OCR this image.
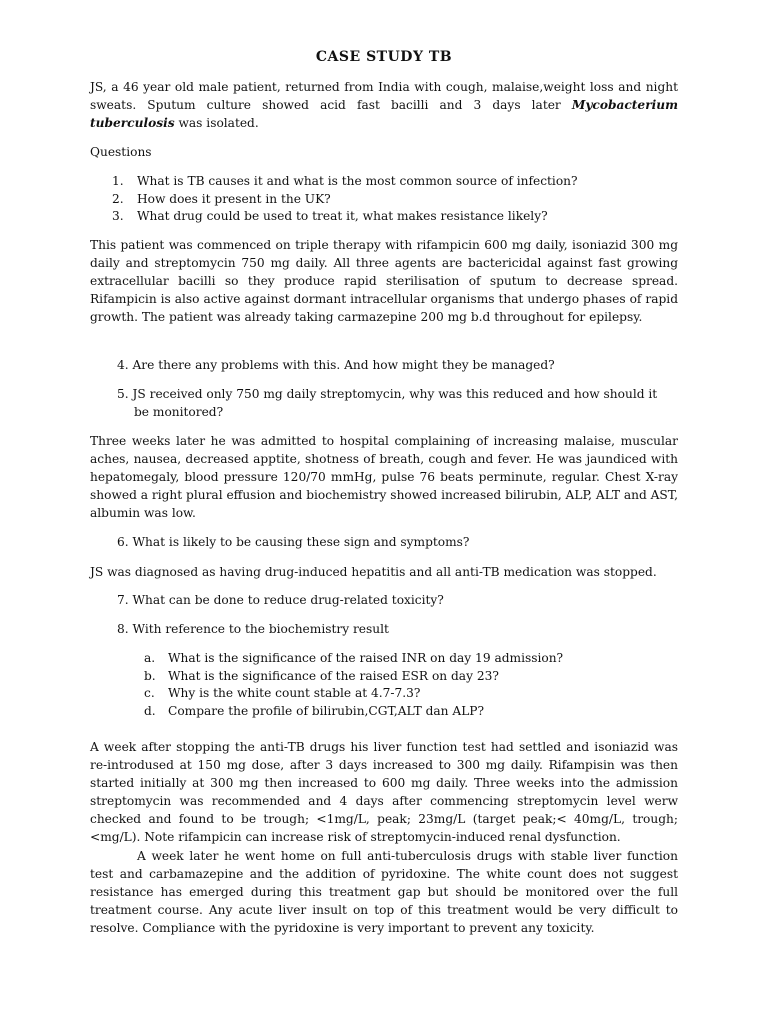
CASE STUDY TB

JS, a 46 year old male patient, returned from India with cough, malaise,weight loss and night sweats. Sputum culture showed acid fast bacilli and 3 days later Mycobacterium tuberculosis was isolated.

Questions

1.	What is TB causes it and what is the most common source of infection?
2.	How does it present in the UK?
3.	What drug could be used to treat it, what makes resistance likely?

This patient was commenced on triple therapy with rifampicin 600 mg daily, isoniazid 300 mg daily and streptomycin 750 mg daily. All three agents are bactericidal against fast growing extracellular bacilli so they produce rapid sterilisation of sputum to decrease spread. Rifampicin is also active against dormant intracellular organisms that undergo phases of rapid growth. The patient was already taking carmazepine 200 mg b.d throughout for epilepsy.

4. Are there any problems with this. And how might they be managed?

5. JS received only 750 mg daily streptomycin, why was this reduced and how should it
be monitored?

Three weeks later he was admitted to hospital complaining of increasing malaise, muscular aches, nausea, decreased apptite, shotness of breath, cough and fever. He was jaundiced with hepatomegaly, blood pressure 120/70 mmHg, pulse 76 beats perminute, regular. Chest X-ray showed a right plural effusion and biochemistry showed increased bilirubin, ALP, ALT and AST, albumin was low.

6. What is likely to be causing these sign and symptoms?

JS was diagnosed as having drug-induced hepatitis and all anti-TB medication was stopped.

7. What can be done to reduce drug-related toxicity?

8. With reference to the biochemistry result

a.	What is the significance of the raised INR on day 19 admission?
b.	What is the significance of the raised ESR on day 23?
c.	Why is the white count stable at 4.7-7.3?
d.	Compare the profile of bilirubin,CGT,ALT dan ALP?

A week after stopping the anti-TB drugs his liver function test had settled and isoniazid was re-introdused at 150 mg dose, after 3 days increased to 300 mg daily. Rifampisin was then started initially at 300 mg then increased to 600 mg daily. Three weeks into the admission streptomycin was recommended and 4 days after commencing streptomycin level werw checked and found to be trough; <1mg/L, peak; 23mg/L (target peak;< 40mg/L, trough; <mg/L). Note rifampicin can increase risk of streptomycin-induced renal dysfunction.

A week later he went home on full anti-tuberculosis drugs with stable liver function test and carbamazepine and the addition of pyridoxine. The white count does not suggest resistance has emerged during this treatment gap but should be monitored over the full treatment course. Any acute liver insult on top of this treatment would be very difficult to resolve. Compliance with the pyridoxine is very important to prevent any toxicity.
